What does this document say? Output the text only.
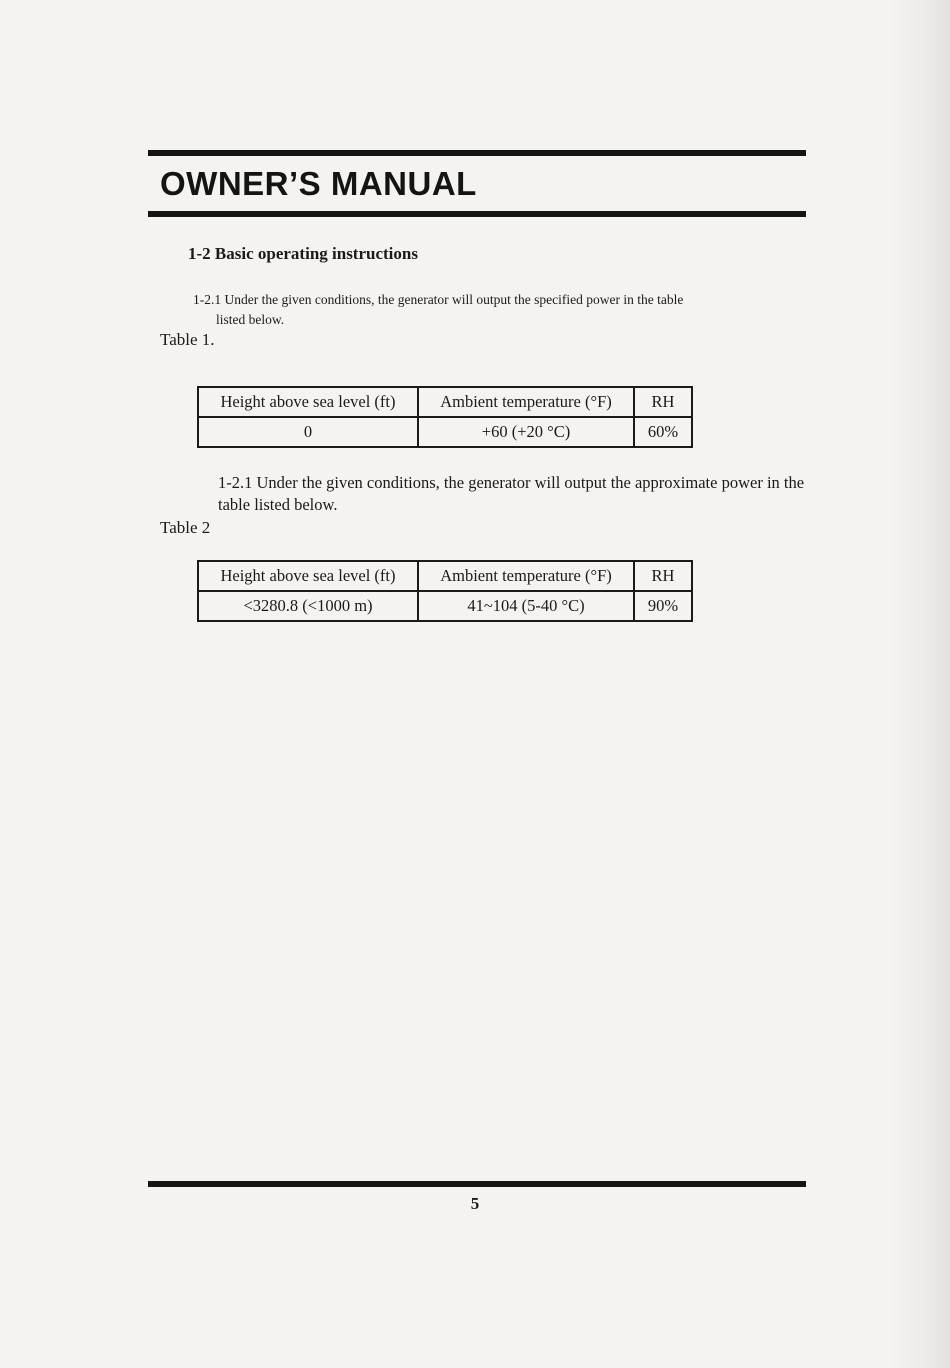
OWNER’S MANUAL
1-2 Basic operating instructions
1-2.1 Under the given conditions, the generator will output the specified power in the table
listed below.
Table 1.
Height above sea level (ft)	Ambient temperature (°F)	RH
0	+60 (+20 °C)	60%
1-2.1 Under the given conditions, the generator will output the approximate power in the table listed below.
Table 2
Height above sea level (ft)	Ambient temperature (°F)	RH
<3280.8 (<1000 m)	41~104 (5-40 °C)	90%
5
